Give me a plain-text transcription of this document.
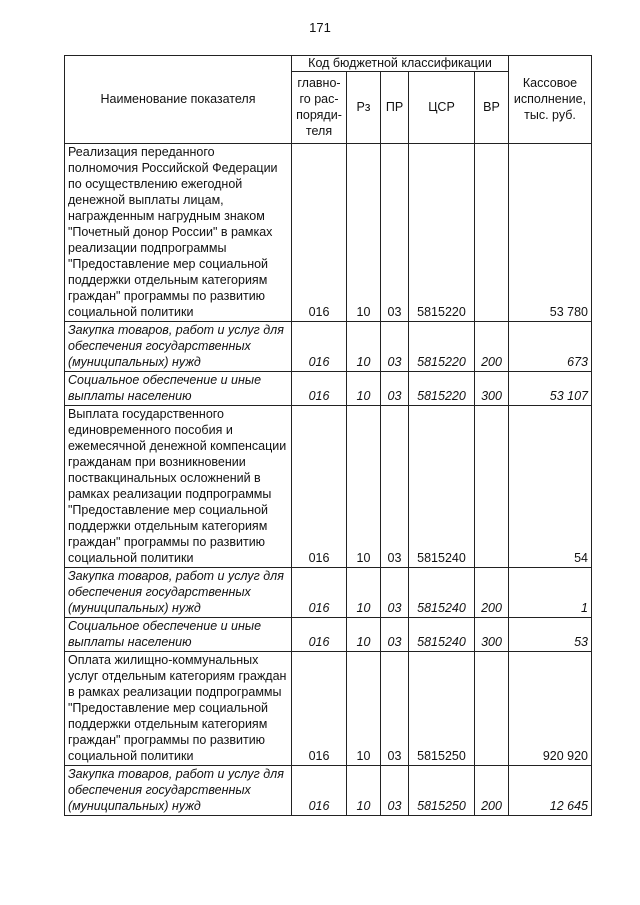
171
Наименование показателя	Код бюджетной классификации					Кассовое исполнение, тыс. руб.
	главно-го рас-поряди-теля	Рз	ПР	ЦСР	ВР	
Реализация переданного полномочия Российской Федерации по осуществлению ежегодной денежной выплаты лицам, награжденным нагрудным знаком "Почетный донор России" в рамках реализации подпрограммы "Предоставление мер социальной поддержки отдельным категориям граждан" программы по развитию социальной политики	016	10	03	5815220		53 780
Закупка товаров, работ и услуг для обеспечения государственных (муниципальных) нужд	016	10	03	5815220	200	673
Социальное обеспечение и иные выплаты населению	016	10	03	5815220	300	53 107
Выплата государственного единовременного пособия и ежемесячной денежной компенсации гражданам при возникновении поствакцинальных осложнений в рамках реализации подпрограммы "Предоставление мер социальной поддержки отдельным категориям граждан" программы по развитию социальной политики	016	10	03	5815240		54
Закупка товаров, работ и услуг для обеспечения государственных (муниципальных) нужд	016	10	03	5815240	200	1
Социальное обеспечение и иные выплаты населению	016	10	03	5815240	300	53
Оплата жилищно-коммунальных услуг отдельным категориям граждан в рамках реализации подпрограммы "Предоставление мер социальной поддержки отдельным категориям граждан" программы по развитию социальной политики	016	10	03	5815250		920 920
Закупка товаров, работ и услуг для обеспечения государственных (муниципальных) нужд	016	10	03	5815250	200	12 645
